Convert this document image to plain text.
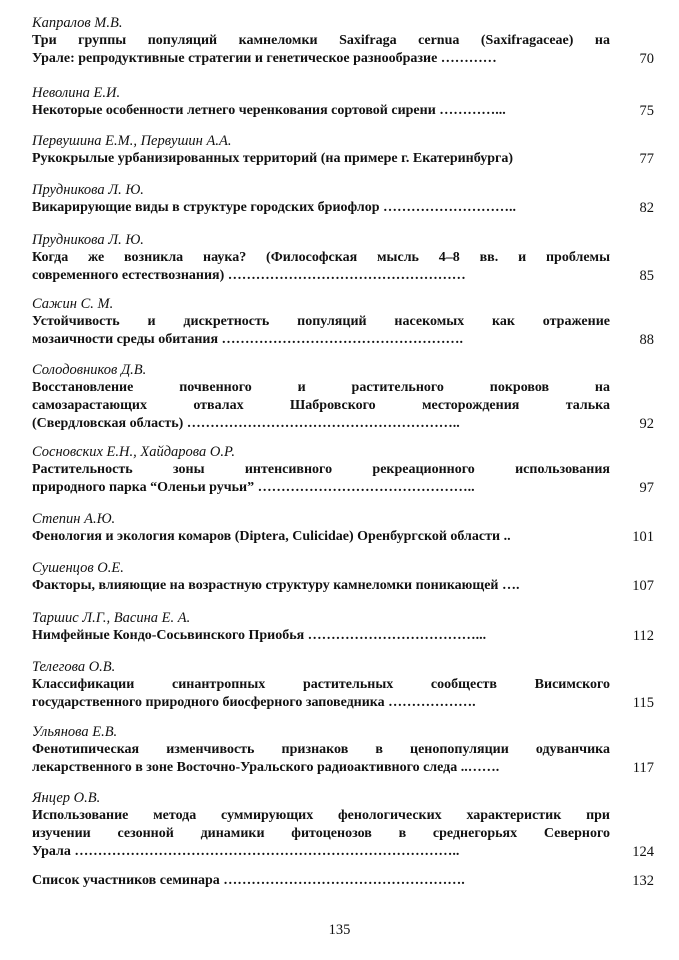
Капралов М.В.
Три группы популяций камнеломки Saxifraga cernua (Saxifragaceae) на
Урале: репродуктивные стратегии и генетическое разнообразие …………	70
Неволина Е.И.
Некоторые особенности летнего черенкования сортовой сирени …………...	75
Первушина Е.М., Первушин А.А.
Рукокрылые урбанизированных территорий (на примере г. Екатеринбурга)	77
Прудникова Л. Ю.
Викарирующие виды в структуре городских бриофлор ………………………..	82
Прудникова Л. Ю.
Когда же возникла наука? (Философская мысль 4–8 вв. и проблемы
современного естествознания) ……………………………………………	85
Сажин С. М.
Устойчивость и дискретность популяций насекомых как отражение
мозаичности среды обитания …………………………………………….	88
Солодовников Д.В.
Восстановление почвенного и растительного покровов на
самозарастающих отвалах Шабровского месторождения талька
(Свердловская область) …………………………………………………..	92
Сосновских Е.Н., Хайдарова О.Р.
Растительность зоны интенсивного рекреационного использования
природного парка “Оленьи ручьи” ………………………………………..	97
Степин А.Ю.
Фенология и экология комаров (Diptera, Culicidae) Оренбургской области ..	101
Сушенцов О.Е.
Факторы, влияющие на возрастную структуру камнеломки поникающей ….	107
Таршис Л.Г., Васина Е. А.
Нимфейные Кондо-Сосьвинского Приобья ………………………………...	112
Телегова О.В.
Классификации синантропных растительных сообществ Висимского
государственного природного биосферного заповедника ……………….	115
Ульянова Е.В.
Фенотипическая изменчивость признаков в ценопопуляции одуванчика
лекарственного в зоне Восточно-Уральского радиоактивного следа ..…….	117
Янцер О.В.
Использование метода суммирующих фенологических характеристик при
изучении сезонной динамики фитоценозов в среднегорьях Северного
Урала ………………………………………………………………………..	124
Список участников семинара …………………………………………….	132
135
